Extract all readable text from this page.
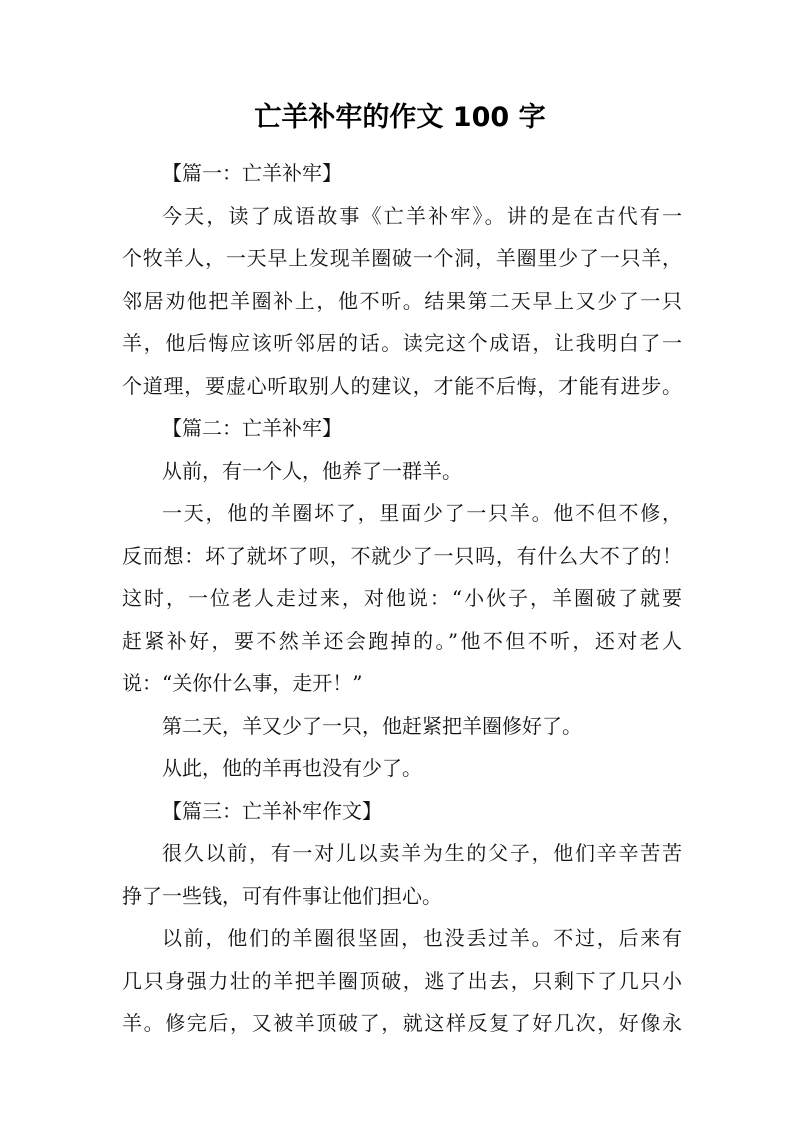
亡羊补牢的作文 100 字
【篇一：亡羊补牢】
今天，读了成语故事《亡羊补牢》。讲的是在古代有一
个牧羊人，一天早上发现羊圈破一个洞，羊圈里少了一只羊，
邻居劝他把羊圈补上，他不听。结果第二天早上又少了一只
羊，他后悔应该听邻居的话。读完这个成语，让我明白了一
个道理，要虚心听取别人的建议，才能不后悔，才能有进步。
【篇二：亡羊补牢】
从前，有一个人，他养了一群羊。
一天，他的羊圈坏了，里面少了一只羊。他不但不修，
反而想：坏了就坏了呗，不就少了一只吗，有什么大不了的！
这时，一位老人走过来，对他说：“小伙子，羊圈破了就要
赶紧补好，要不然羊还会跑掉的。”他不但不听，还对老人
说：“关你什么事，走开！”
第二天，羊又少了一只，他赶紧把羊圈修好了。
从此，他的羊再也没有少了。
【篇三：亡羊补牢作文】
很久以前，有一对儿以卖羊为生的父子，他们辛辛苦苦
挣了一些钱，可有件事让他们担心。
以前，他们的羊圈很坚固，也没丢过羊。不过，后来有
几只身强力壮的羊把羊圈顶破，逃了出去，只剩下了几只小
羊。修完后，又被羊顶破了，就这样反复了好几次，好像永
